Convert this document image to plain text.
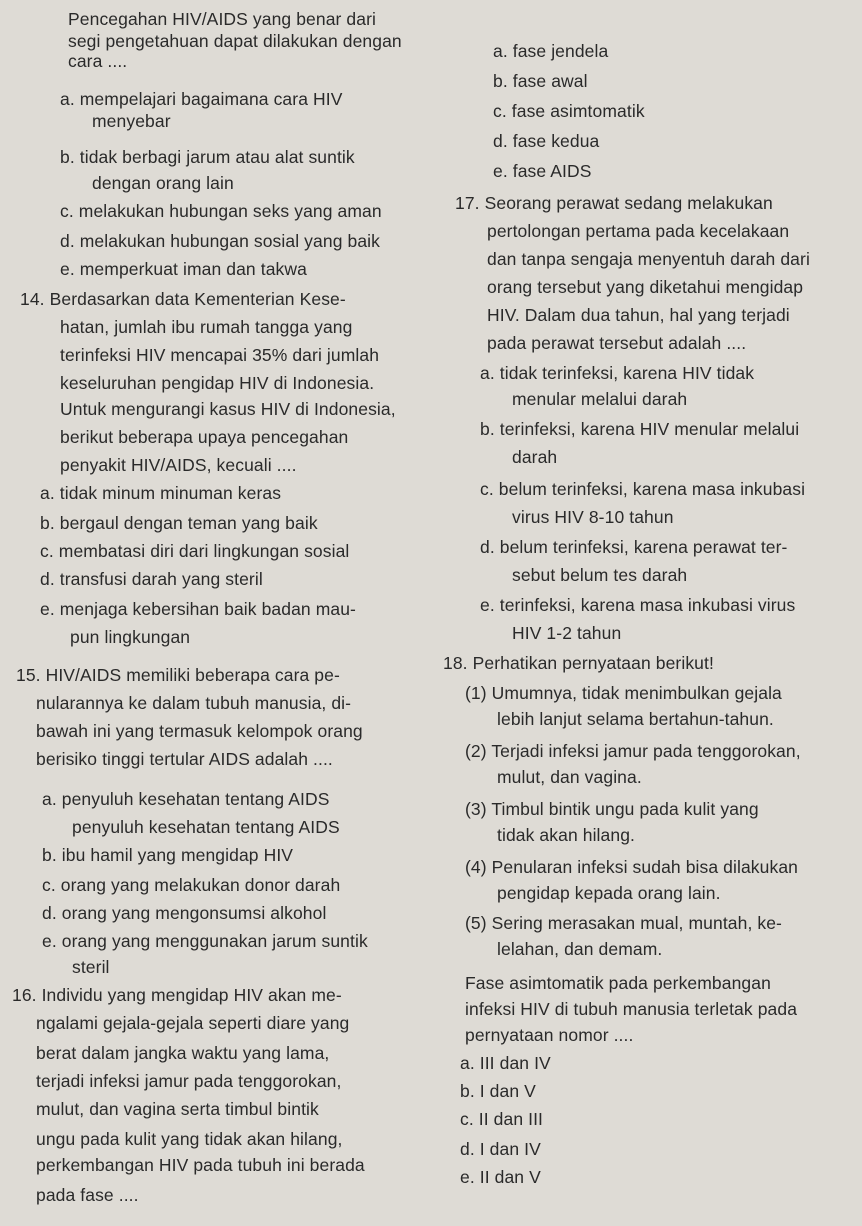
Pencegahan HIV/AIDS yang benar dari
segi pengetahuan dapat dilakukan dengan
cara ....
a. mempelajari bagaimana cara HIV
menyebar
b. tidak berbagi jarum atau alat suntik
dengan orang lain
c. melakukan hubungan seks yang aman
d. melakukan hubungan sosial yang baik
e. memperkuat iman dan takwa
14. Berdasarkan data Kementerian Kese-
hatan, jumlah ibu rumah tangga yang
terinfeksi HIV mencapai 35% dari jumlah
keseluruhan pengidap HIV di Indonesia.
Untuk mengurangi kasus HIV di Indonesia,
berikut beberapa upaya pencegahan
penyakit HIV/AIDS, kecuali ....
a. tidak minum minuman keras
b. bergaul dengan teman yang baik
c. membatasi diri dari lingkungan sosial
d. transfusi darah yang steril
e. menjaga kebersihan baik badan mau-
pun lingkungan
15. HIV/AIDS memiliki beberapa cara pe-
nularannya ke dalam tubuh manusia, di-
bawah ini yang termasuk kelompok orang
berisiko tinggi tertular AIDS adalah ....
a. penyuluh kesehatan tentang AIDS
penyuluh kesehatan tentang AIDS
b. ibu hamil yang mengidap HIV
c. orang yang melakukan donor darah
d. orang yang mengonsumsi alkohol
e. orang yang menggunakan jarum suntik
steril
16. Individu yang mengidap HIV akan me-
ngalami gejala-gejala seperti diare yang
berat dalam jangka waktu yang lama,
terjadi infeksi jamur pada tenggorokan,
mulut, dan vagina serta timbul bintik
ungu pada kulit yang tidak akan hilang,
perkembangan HIV pada tubuh ini berada
pada fase ....
a. fase jendela
b. fase awal
c. fase asimtomatik
d. fase kedua
e. fase AIDS
17. Seorang perawat sedang melakukan
pertolongan pertama pada kecelakaan
dan tanpa sengaja menyentuh darah dari
orang tersebut yang diketahui mengidap
HIV. Dalam dua tahun, hal yang terjadi
pada perawat tersebut adalah ....
a. tidak terinfeksi, karena HIV tidak
menular melalui darah
b. terinfeksi, karena HIV menular melalui
darah
c. belum terinfeksi, karena masa inkubasi
virus HIV 8-10 tahun
d. belum terinfeksi, karena perawat ter-
sebut belum tes darah
e. terinfeksi, karena masa inkubasi virus
HIV 1-2 tahun
18. Perhatikan pernyataan berikut!
(1) Umumnya, tidak menimbulkan gejala
lebih lanjut selama bertahun-tahun.
(2) Terjadi infeksi jamur pada tenggorokan,
mulut, dan vagina.
(3) Timbul bintik ungu pada kulit yang
tidak akan hilang.
(4) Penularan infeksi sudah bisa dilakukan
pengidap kepada orang lain.
(5) Sering merasakan mual, muntah, ke-
lelahan, dan demam.
Fase asimtomatik pada perkembangan
infeksi HIV di tubuh manusia terletak pada
pernyataan nomor ....
a. III dan IV
b. I dan V
c. II dan III
d. I dan IV
e. II dan V
